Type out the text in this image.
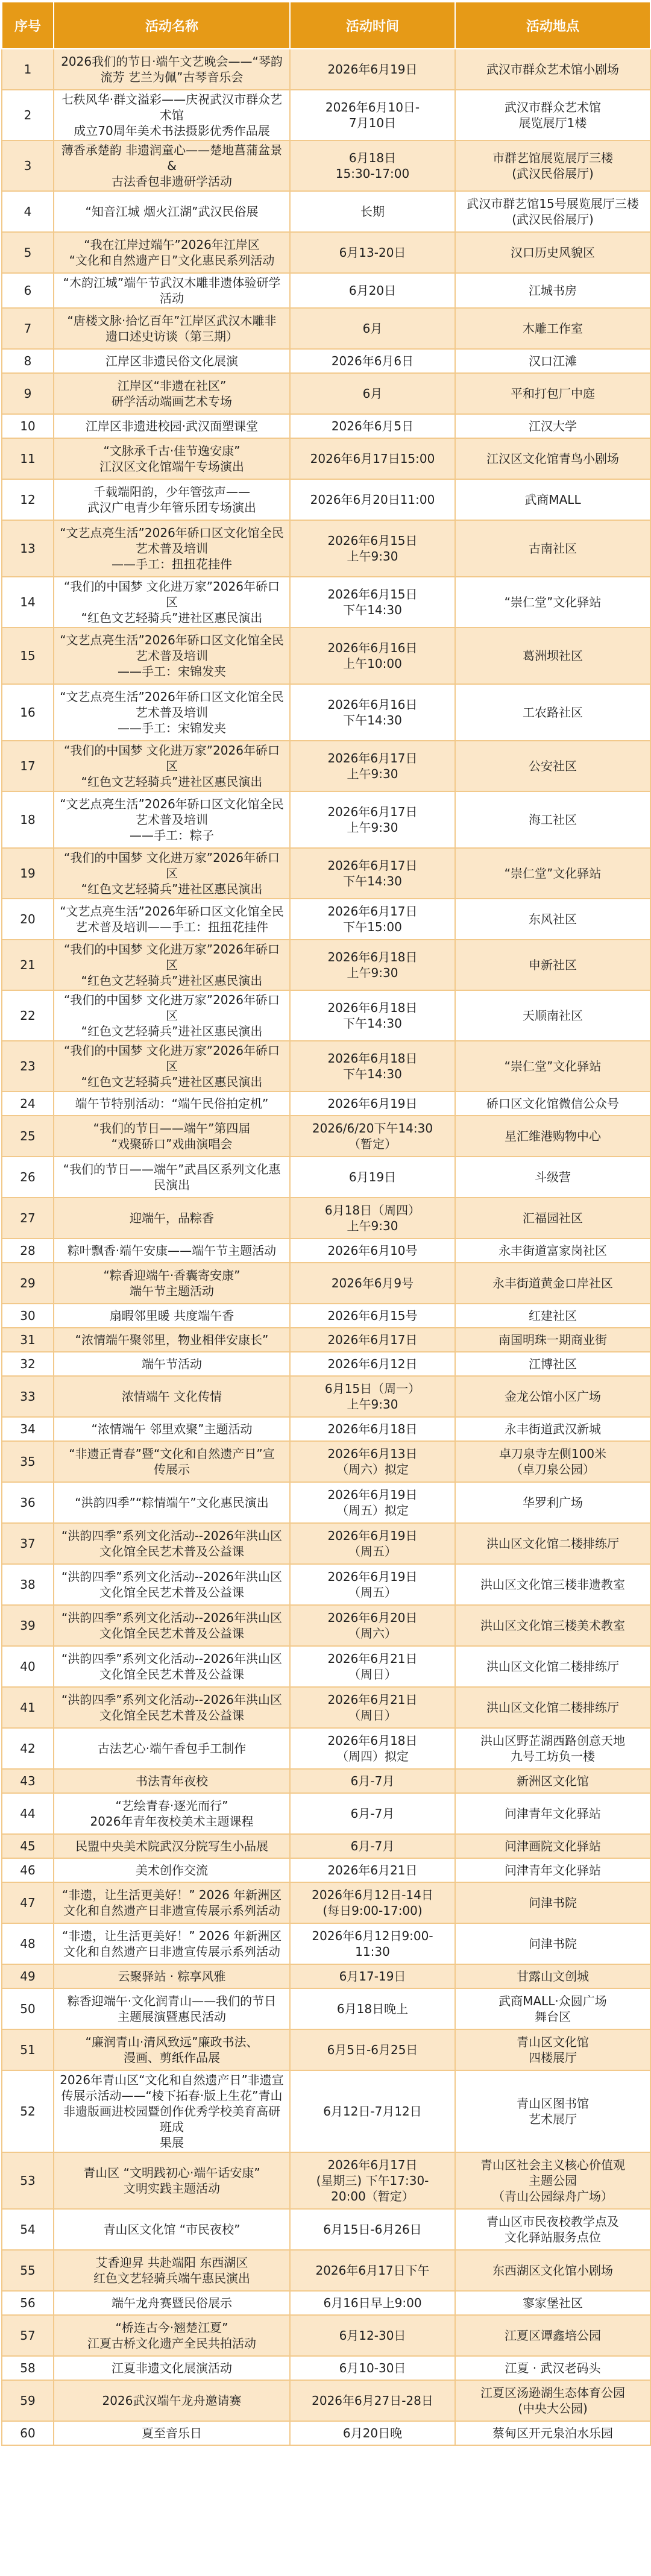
序号	活动名称	活动时间	活动地点
1	2026我们的节日·端午文艺晚会——“琴韵流芳 艺兰为佩”古琴音乐会	2026年6月19日	武汉市群众艺术馆小剧场
2	七秩风华·群文溢彩——庆祝武汉市群众艺术馆
成立70周年美术书法摄影优秀作品展	2026年6月10日-
7月10日	武汉市群众艺术馆
展览展厅1楼
3	薄香承楚韵 非遗润童心——楚地菖蒲盆景&
古法香包非遗研学活动	6月18日
15:30-17:00	市群艺馆展览展厅三楼
(武汉民俗展厅)
4	“知音江城 烟火江湖”武汉民俗展	长期	武汉市群艺馆15号展览展厅三楼
(武汉民俗展厅)
5	“我在江岸过端午”2026年江岸区
“文化和自然遗产日”文化惠民系列活动	6月13-20日	汉口历史风貌区
6	“木韵江城”端午节武汉木雕非遗体验研学
活动	6月20日	江城书房
7	“唐楼文脉·拾忆百年”江岸区武汉木雕非
遗口述史访谈（第三期）	6月	木雕工作室
8	江岸区非遗民俗文化展演	2026年6月6日	汉口江滩
9	江岸区“非遗在社区”
研学活动端画艺术专场	6月	平和打包厂中庭
10	江岸区非遗进校园·武汉面塑课堂	2026年6月5日	江汉大学
11	“文脉承千古·佳节逸安康”
江汉区文化馆端午专场演出	2026年6月17日15:00	江汉区文化馆青鸟小剧场
12	千载端阳韵，少年管弦声——
武汉广电青少年管乐团专场演出	2026年6月20日11:00	武商MALL
13	“文艺点亮生活”2026年硚口区文化馆全民
艺术普及培训
——手工：扭扭花挂件	2026年6月15日
上午9:30	古南社区
14	“我们的中国梦 文化进万家”2026年硚口区
“红色文艺轻骑兵”进社区惠民演出	2026年6月15日
下午14:30	“崇仁堂”文化驿站
15	“文艺点亮生活”2026年硚口区文化馆全民
艺术普及培训
——手工：宋锦发夹	2026年6月16日
上午10:00	葛洲坝社区
16	“文艺点亮生活”2026年硚口区文化馆全民
艺术普及培训
——手工：宋锦发夹	2026年6月16日
下午14:30	工农路社区
17	“我们的中国梦 文化进万家”2026年硚口区
“红色文艺轻骑兵”进社区惠民演出	2026年6月17日
上午9:30	公安社区
18	“文艺点亮生活”2026年硚口区文化馆全民
艺术普及培训
——手工：粽子	2026年6月17日
上午9:30	海工社区
19	“我们的中国梦 文化进万家”2026年硚口区
“红色文艺轻骑兵”进社区惠民演出	2026年6月17日
下午14:30	“崇仁堂”文化驿站
20	“文艺点亮生活”2026年硚口区文化馆全民
艺术普及培训——手工：扭扭花挂件	2026年6月17日
下午15:00	东风社区
21	“我们的中国梦 文化进万家”2026年硚口区
“红色文艺轻骑兵”进社区惠民演出	2026年6月18日
上午9:30	申新社区
22	“我们的中国梦 文化进万家”2026年硚口区
“红色文艺轻骑兵”进社区惠民演出	2026年6月18日
下午14:30	天顺南社区
23	“我们的中国梦 文化进万家”2026年硚口区
“红色文艺轻骑兵”进社区惠民演出	2026年6月18日
下午14:30	“崇仁堂”文化驿站
24	端午节特别活动：“端午民俗拍定机”	2026年6月19日	硚口区文化馆微信公众号
25	“我们的节日——端午”第四届
“戏聚硚口”戏曲演唱会	2026/6/20下午14:30
（暂定）	星汇维港购物中心
26	“我们的节日——端午”武昌区系列文化惠
民演出	6月19日	斗级营
27	迎端午，品粽香	6月18日（周四）
上午9:30	汇福园社区
28	粽叶飘香·端午安康——端午节主题活动	2026年6月10号	永丰街道富家岗社区
29	“粽香迎端午·香囊寄安康”
端午节主题活动	2026年6月9号	永丰街道黄金口岸社区
30	扇暇邻里暖 共度端午香	2026年6月15号	红建社区
31	“浓情端午聚邻里，物业相伴安康长”	2026年6月17日	南国明珠一期商业街
32	端午节活动	2026年6月12日	江博社区
33	浓情端午 文化传情	6月15日（周一）
上午9:30	金龙公馆小区广场
34	“浓情端午 邻里欢聚”主题活动	2026年6月18日	永丰街道武汉新城
35	“非遗正青春”暨“文化和自然遗产日”宣
传展示	2026年6月13日
（周六）拟定	卓刀泉寺左侧100米
（卓刀泉公园）
36	“洪韵四季”“粽情端午”文化惠民演出	2026年6月19日
（周五）拟定	华罗利广场
37	“洪韵四季”系列文化活动--2026年洪山区
文化馆全民艺术普及公益课	2026年6月19日
（周五）	洪山区文化馆二楼排练厅
38	“洪韵四季”系列文化活动--2026年洪山区
文化馆全民艺术普及公益课	2026年6月19日
（周五）	洪山区文化馆三楼非遗教室
39	“洪韵四季”系列文化活动--2026年洪山区
文化馆全民艺术普及公益课	2026年6月20日
（周六）	洪山区文化馆三楼美术教室
40	“洪韵四季”系列文化活动--2026年洪山区
文化馆全民艺术普及公益课	2026年6月21日
（周日）	洪山区文化馆二楼排练厅
41	“洪韵四季”系列文化活动--2026年洪山区
文化馆全民艺术普及公益课	2026年6月21日
（周日）	洪山区文化馆二楼排练厅
42	古法艺心·端午香包手工制作	2026年6月18日
（周四）拟定	洪山区野芷湖西路创意天地
九号工坊负一楼
43	书法青年夜校	6月-7月	新洲区文化馆
44	“艺绘青春·逐光而行”
2026年青年夜校美术主题课程	6月-7月	问津青年文化驿站
45	民盟中央美术院武汉分院写生小品展	6月-7月	问津画院文化驿站
46	美术创作交流	2026年6月21日	问津青年文化驿站
47	“非遗，让生活更美好！” 2026 年新洲区
文化和自然遗产日非遗宣传展示系列活动	2026年6月12日-14日
(每日9:00-17:00)	问津书院
48	“非遗，让生活更美好！” 2026 年新洲区
文化和自然遗产日非遗宣传展示系列活动	2026年6月12日9:00-
11:30	问津书院
49	云聚驿站 · 粽享风雅	6月17-19日	甘露山文创城
50	粽香迎端午·文化润青山——我们的节日
主题展演暨惠民活动	6月18日晚上	武商MALL·众圆广场
舞台区
51	“廉润青山·清风致远”廉政书法、
漫画、剪纸作品展	6月5日-6月25日	青山区文化馆
四楼展厅
52	2026年青山区“文化和自然遗产日”非遗宣
传展示活动——“棱下拓春·版上生花”青山
非遗版画进校园暨创作优秀学校美育高研班成
果展	6月12日-7月12日	青山区图书馆
艺术展厅
53	青山区 “文明践初心·端午话安康”
文明实践主题活动	2026年6月17日
(星期三) 下午17:30-
20:00（暂定）	青山区社会主义核心价值观
主题公园
（青山公园绿舟广场）
54	青山区文化馆 “市民夜校”	6月15日-6月26日	青山区市民夜校教学点及
文化驿站服务点位
55	艾香迎昇 共赴端阳 东西湖区
红色文艺轻骑兵端午惠民演出	2026年6月17日下午	东西湖区文化馆小剧场
56	端午龙舟赛暨民俗展示	6月16日早上9:00	寥家堡社区
57	“桥连古今·翘楚江夏”
江夏古桥文化遗产全民共拍活动	6月12-30日	江夏区谭鑫培公园
58	江夏非遗文化展演活动	6月10-30日	江夏 · 武汉老码头
59	2026武汉端午龙舟邀请赛	2026年6月27日-28日	江夏区汤逊湖生态体育公园
(中央大公园)
60	夏至音乐日	6月20日晚	蔡甸区开元泉泊水乐园
